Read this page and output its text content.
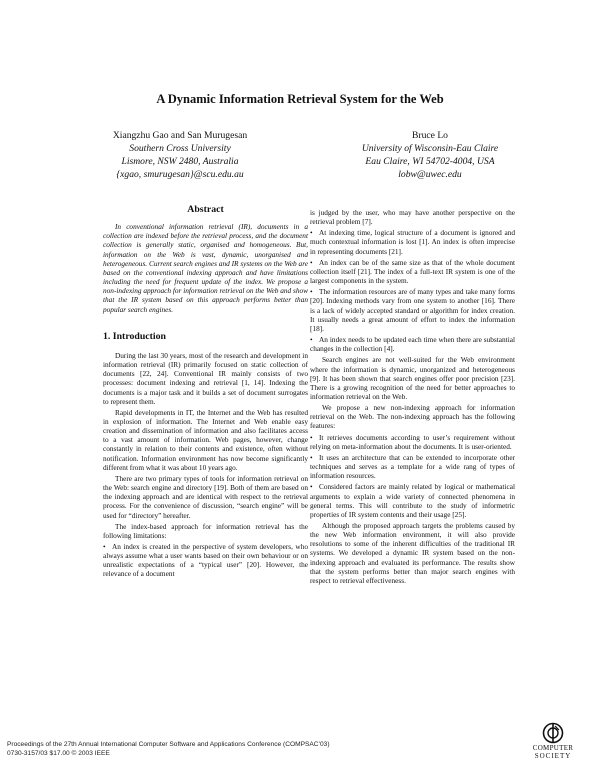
A Dynamic Information Retrieval System for the Web
Xiangzhu Gao and San Murugesan
Southern Cross University
Lismore, NSW 2480, Australia
{xgao, smurugesan}@scu.edu.au
Bruce Lo
University of Wisconsin-Eau Claire
Eau Claire, WI 54702-4004, USA
lobw@uwec.edu
Abstract

In conventional information retrieval (IR), documents in a collection are indexed before the retrieval process, and the document collection is generally static, organised and homogeneous. But, information on the Web is vast, dynamic, unorganised and heterogeneous. Current search engines and IR systems on the Web are based on the conventional indexing approach and have limitations including the need for frequent update of the index. We propose a non-indexing approach for information retrieval on the Web and show that the IR system based on this approach performs better than popular search engines.

1. Introduction

During the last 30 years, most of the research and development in information retrieval (IR) primarily focused on static collection of documents [22, 24]. Conventional IR mainly consists of two processes: document indexing and retrieval [1, 14]. Indexing the documents is a major task and it builds a set of document surrogates to represent them.

Rapid developments in IT, the Internet and the Web has resulted in explosion of information. The Internet and Web enable easy creation and dissemination of information and also facilitates access to a vast amount of information. Web pages, however, change constantly in relation to their contents and existence, often without notification. Information environment has now become significantly different from what it was about 10 years ago.

There are two primary types of tools for information retrieval on the Web: search engine and directory [19]. Both of them are based on the indexing approach and are identical with respect to the retrieval process. For the convenience of discussion, “search engine” will be used for “directory” hereafter.

The index-based approach for information retrieval has the following limitations:

• An index is created in the perspective of system developers, who always assume what a user wants based on their own behaviour or on unrealistic expectations of a “typical user” [20]. However, the relevance of a document

is judged by the user, who may have another perspective on the retrieval problem [7].

• At indexing time, logical structure of a document is ignored and much contextual information is lost [1]. An index is often imprecise in representing documents [21].

• An index can be of the same size as that of the whole document collection itself [21]. The index of a full-text IR system is one of the largest components in the system.

• The information resources are of many types and take many forms [20]. Indexing methods vary from one system to another [16]. There is a lack of widely accepted standard or algorithm for index creation. It usually needs a great amount of effort to index the information [18].

• An index needs to be updated each time when there are substantial changes in the collection [4].

Search engines are not well-suited for the Web environment where the information is dynamic, unorganized and heterogeneous [9]. It has been shown that search engines offer poor precision [23]. There is a growing recognition of the need for better approaches to information retrieval on the Web.

We propose a new non-indexing approach for information retrieval on the Web. The non-indexing approach has the following features:

• It retrieves documents according to user’s requirement without relying on meta-information about the documents. It is user-oriented.

• It uses an architecture that can be extended to incorporate other techniques and serves as a template for a wide rang of types of information resources.

• Considered factors are mainly related by logical or mathematical arguments to explain a wide variety of connected phenomena in general terms. This will contribute to the study of informetric properties of IR system contents and their usage [25].

Although the proposed approach targets the problems caused by the new Web information environment, it will also provide resolutions to some of the inherent difficulties of the traditional IR systems. We developed a dynamic IR system based on the non-indexing approach and evaluated its performance. The results show that the system performs better than major search engines with respect to retrieval effectiveness.

Proceedings of the 27th Annual International Computer Software and Applications Conference (COMPSAC’03)
0730-3157/03 $17.00 © 2003 IEEE
COMPUTER
SOCIETY
